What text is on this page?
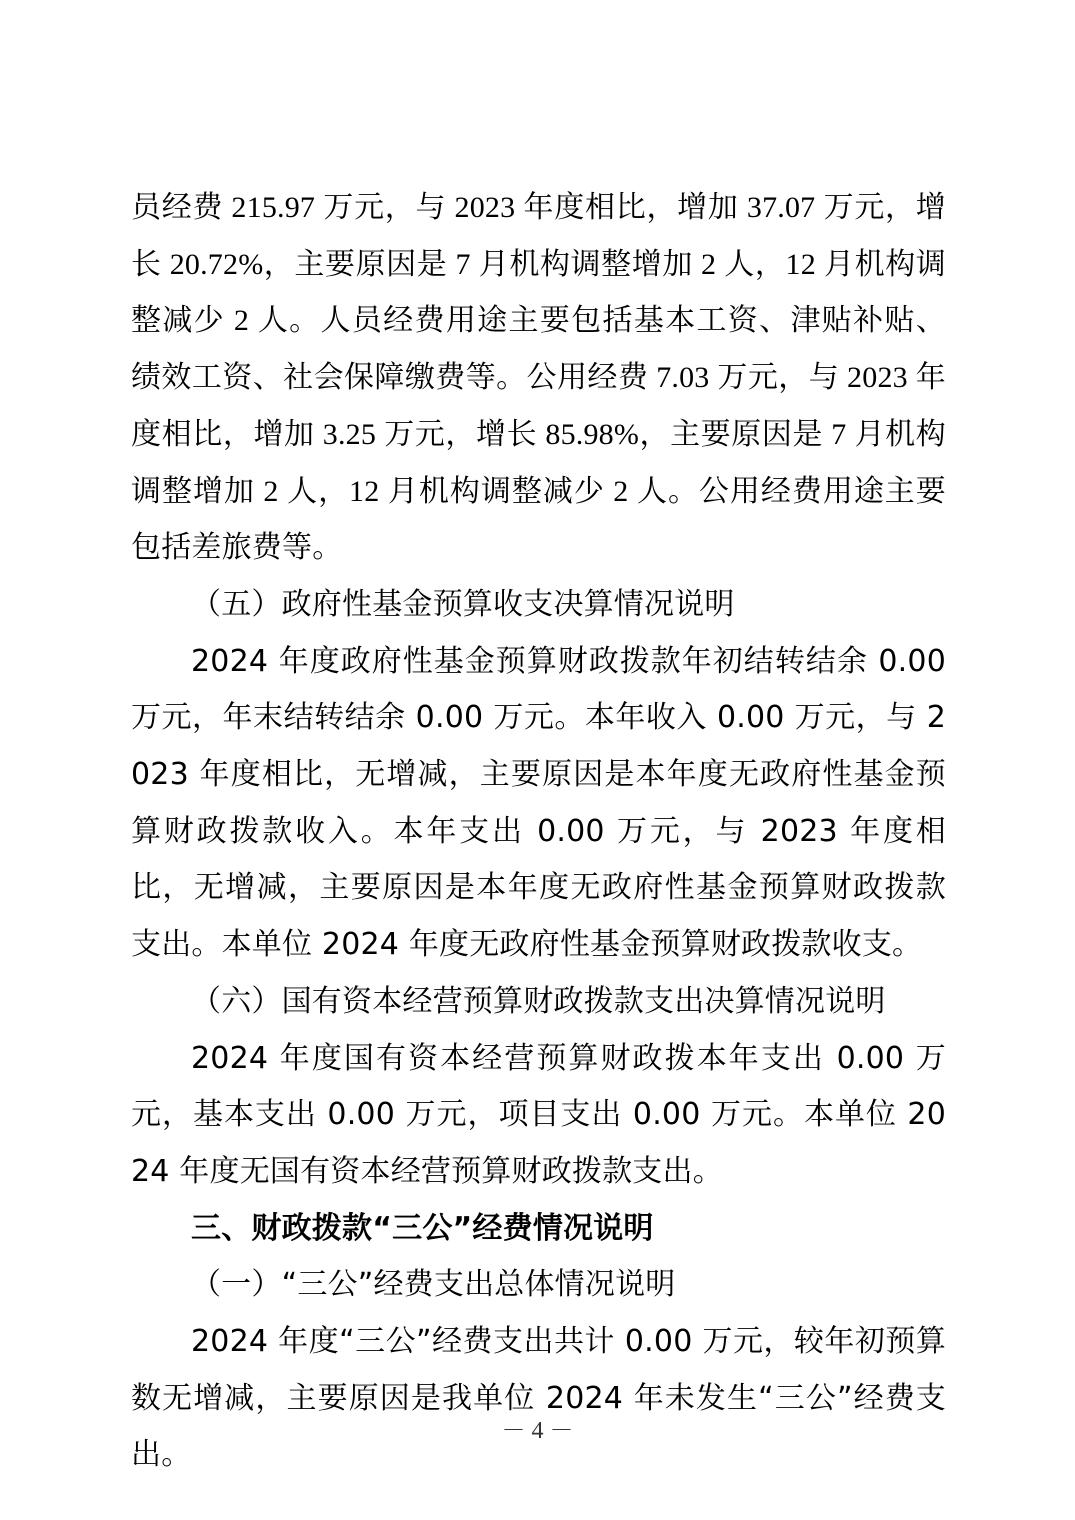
员经费 215.97 万元，与 2023 年度相比，增加 37.07 万元，增长 20.72%，主要原因是 7 月机构调整增加 2 人，12 月机构调整减少 2 人。人员经费用途主要包括基本工资、津贴补贴、绩效工资、社会保障缴费等。公用经费 7.03 万元，与 2023 年度相比，增加 3.25 万元，增长 85.98%，主要原因是 7 月机构调整增加 2 人，12 月机构调整减少 2 人。公用经费用途主要包括差旅费等。

（五）政府性基金预算收支决算情况说明

2024 年度政府性基金预算财政拨款年初结转结余 0.00 万元，年末结转结余 0.00 万元。本年收入 0.00 万元，与 2023 年度相比，无增减，主要原因是本年度无政府性基金预算财政拨款收入。本年支出 0.00 万元，与 2023 年度相比，无增减，主要原因是本年度无政府性基金预算财政拨款支出。本单位 2024 年度无政府性基金预算财政拨款收支。

（六）国有资本经营预算财政拨款支出决算情况说明

2024 年度国有资本经营预算财政拨本年支出 0.00 万元，基本支出 0.00 万元，项目支出 0.00 万元。本单位 2024 年度无国有资本经营预算财政拨款支出。

三、财政拨款“三公”经费情况说明

（一）“三公”经费支出总体情况说明

2024 年度“三公”经费支出共计 0.00 万元，较年初预算数无增减，主要原因是我单位 2024 年未发生“三公”经费支出。

－ 4 －
